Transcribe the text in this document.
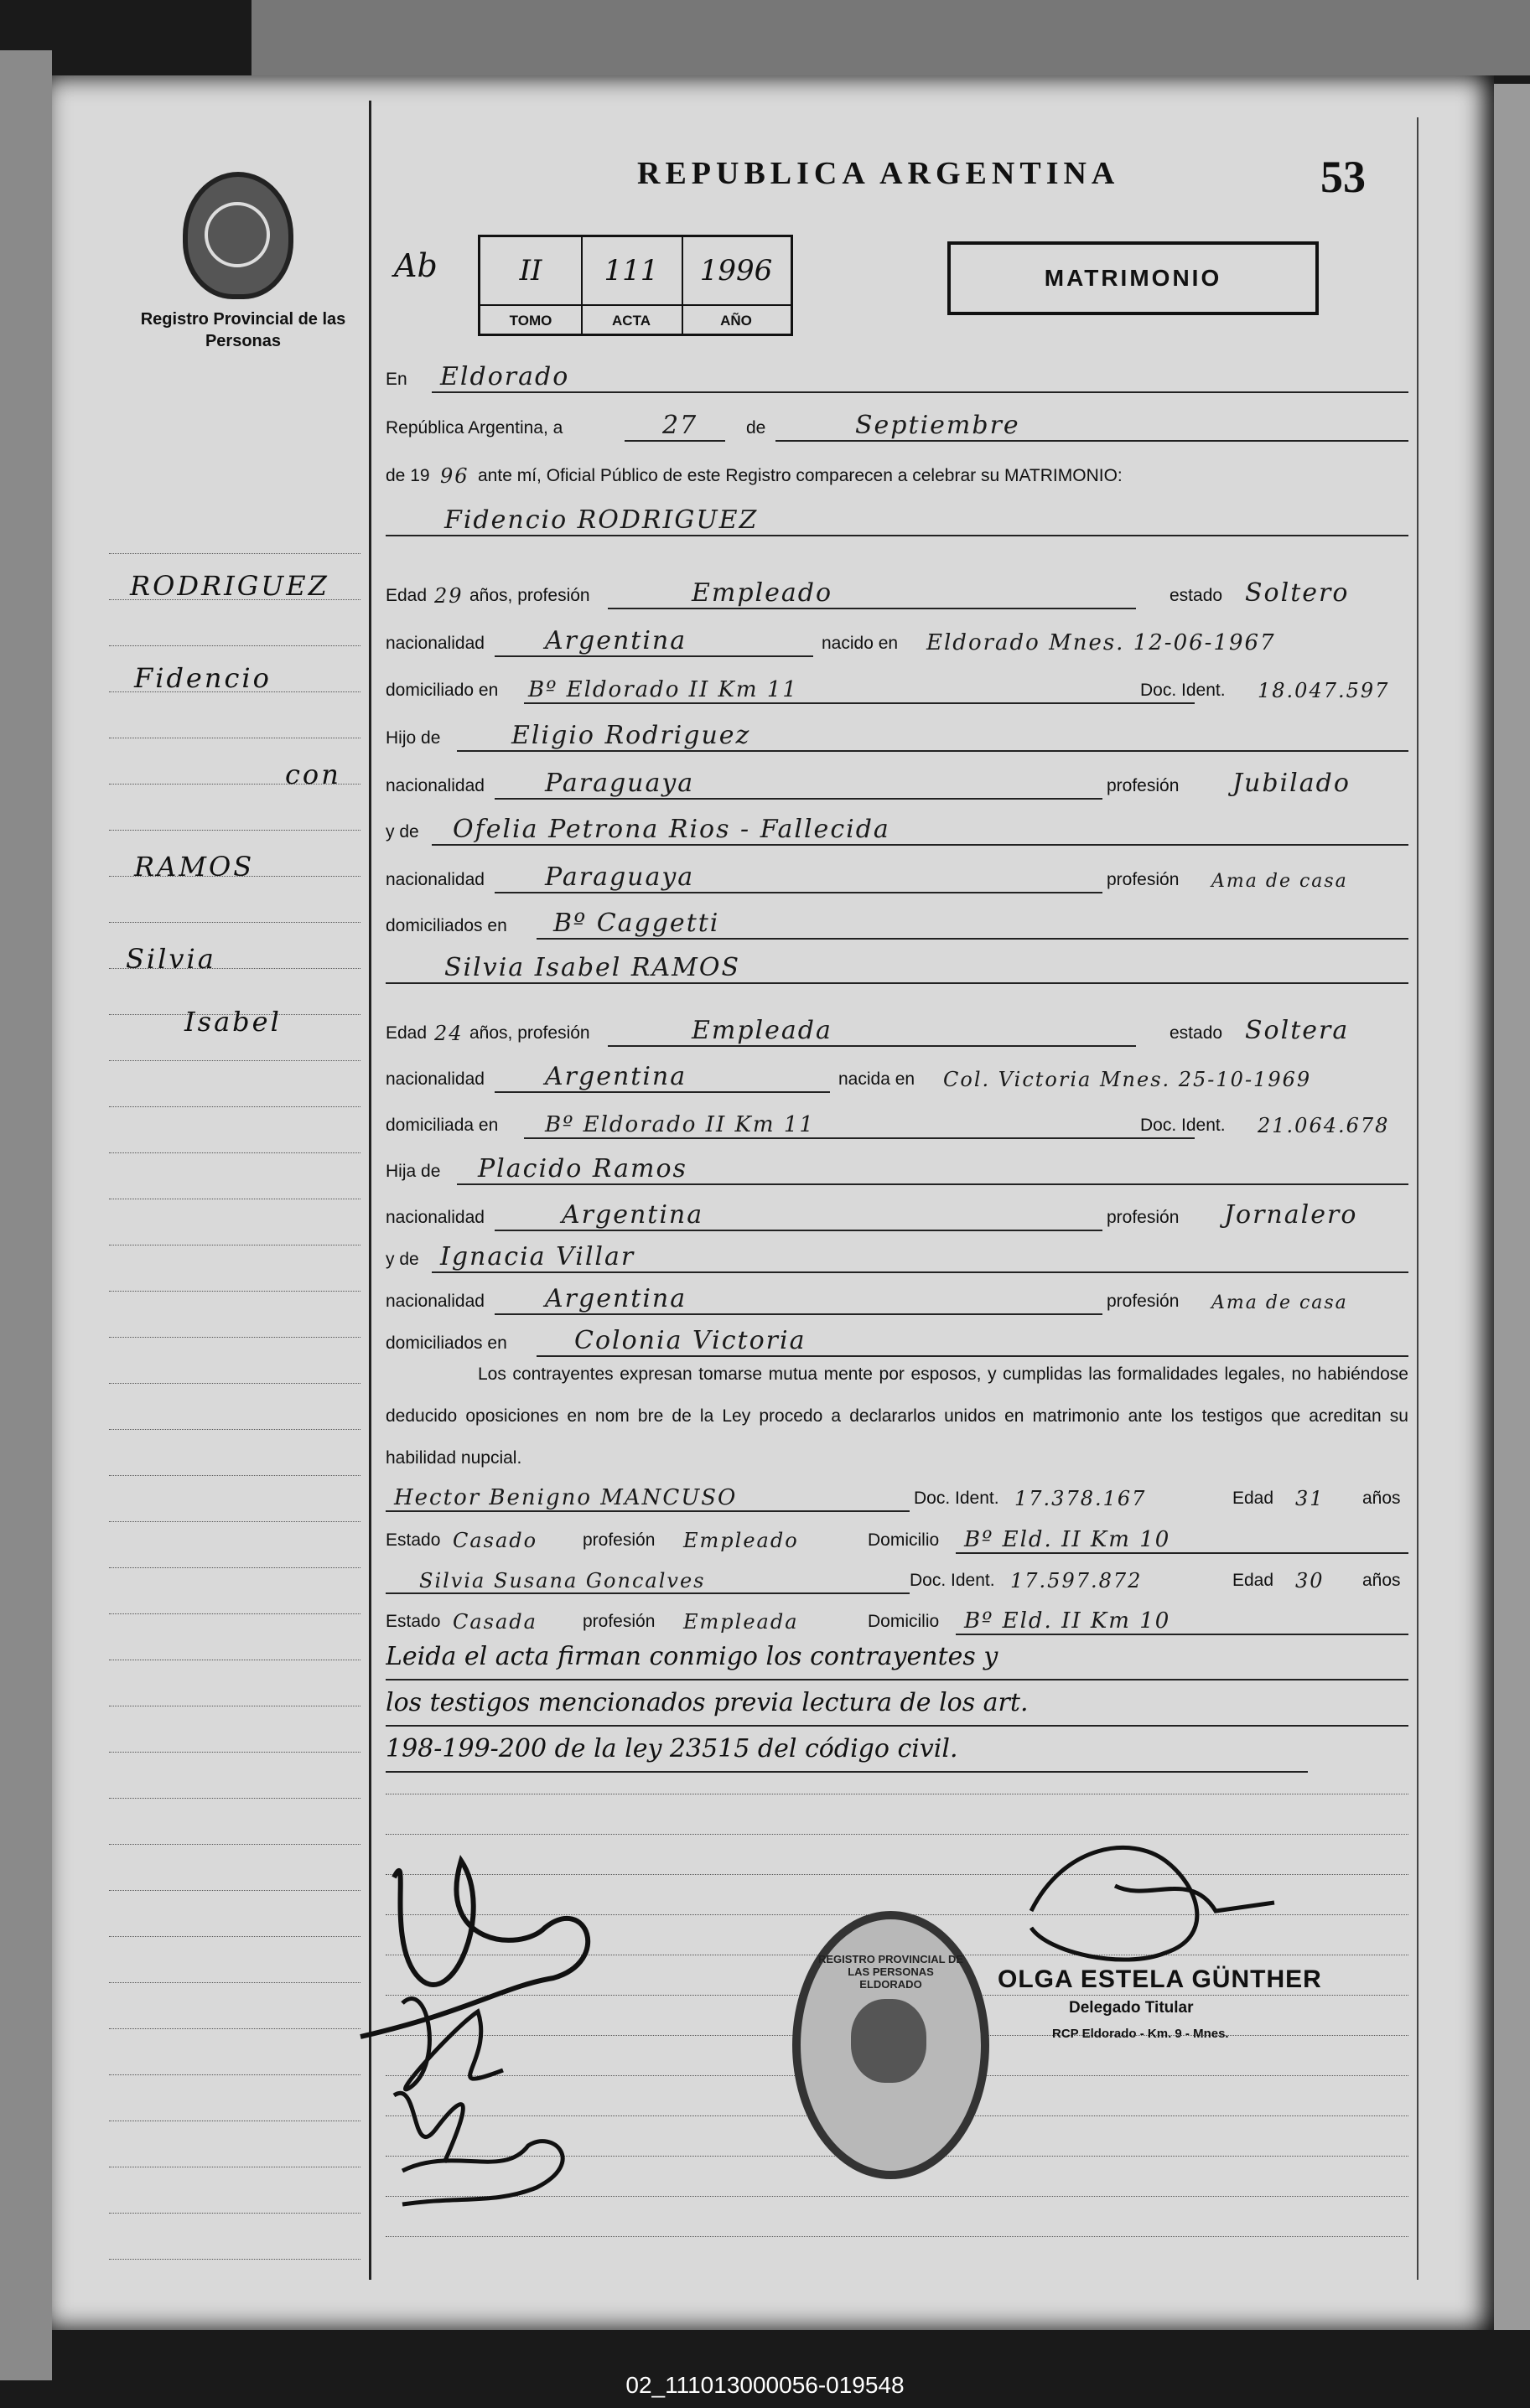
Registro Provincial de las Personas
REPUBLICA ARGENTINA	53
Ab	II	111	1996
TOMO	ACTA	AÑO
MATRIMONIO
RODRIGUEZ
Fidencio
con
RAMOS
Silvia
Isabel
En Eldorado
República Argentina, a	27	de	Septiembre
de 19 96 ante mí, Oficial Público de este Registro comparecen a celebrar su MATRIMONIO:
Fidencio RODRIGUEZ
Edad 29 años, profesión	Empleado	estado Soltero
nacionalidad Argentina	nacido en Eldorado Mnes. 12-06-1967
domiciliado en Bº Eldorado II Km 11	Doc. Ident. 18.047.597
Hijo de	Eligio Rodriguez
nacionalidad Paraguaya	profesión Jubilado
y de Ofelia Petrona Rios - Fallecida
nacionalidad Paraguaya	profesión Ama de casa
domiciliados en Bº Caggetti
Silvia Isabel RAMOS
Edad 24 años, profesión	Empleada	estado Soltera
nacionalidad Argentina	nacida en Col. Victoria Mnes. 25-10-1969
domiciliada en Bº Eldorado II Km 11	Doc. Ident. 21.064.678
Hija de Placido Ramos
nacionalidad	Argentina	profesión Jornalero
y de Ignacia Villar
nacionalidad Argentina	profesión Ama de casa
domiciliados en	Colonia Victoria
Los contrayentes expresan tomarse mutua mente por esposos, y cumplidas las formalidades legales, no habiéndose deducido oposiciones en nom bre de la Ley procedo a declararlos unidos en matrimonio ante los testigos que acreditan su habilidad nupcial.
Hector Benigno MANCUSO	Doc. Ident. 17.378.167	Edad 31 años
Estado Casado	profesión Empleado	Domicilio Bº Eld. II Km 10
Silvia Susana Goncalves	Doc. Ident. 17.597.872	Edad 30 años
Estado Casada	profesión Empleada	Domicilio Bº Eld. II Km 10
Leida el acta firman conmigo los contrayentes y
los testigos mencionados previa lectura de los art.
198-199-200 de la ley 23515 del código civil.
REGISTRO PROVINCIAL DE LAS PERSONAS ELDORADO	OLGA ESTELA GÜNTHER
Delegado Titular
RCP Eldorado - Km. 9 - Mnes.
02_111013000056-019548
